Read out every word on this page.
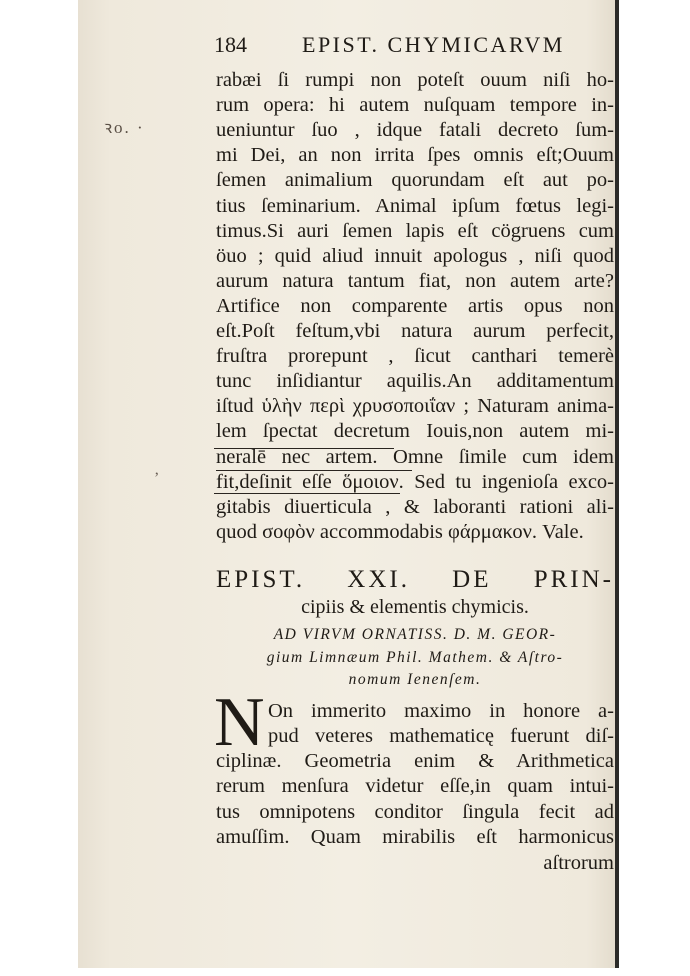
ꝛo. ·
ʼ
184	EPIST. CHYMICARVM
rabæi ſi rumpi non poteſt ouum niſi ho-
rum opera: hi autem nuſquam tempore in-
ueniuntur ſuo , idque fatali decreto ſum-
mi Dei, an non irrita ſpes omnis eſt;Ouum
ſemen animalium quorundam eſt aut po-
tius ſeminarium. Animal ipſum fœtus legi-
timus.Si auri ſemen lapis eſt cögruens cum
öuo ; quid aliud innuit apologus , niſi quod
aurum natura tantum fiat, non autem arte?
Artifice non comparente artis opus non
eſt.Poſt feſtum,vbi natura aurum perfecit,
fruſtra prorepunt , ſicut canthari temerè
tunc inſidiantur aquilis.An additamentum
iſtud ὑλὴν περὶ χρυσοποιΐαν ; Naturam anima-
lem ſpectat decretum Iouis,non autem mi-
neralē nec artem. Omne ſimile cum idem
fit,deſinit eſſe ὅμοιον. Sed tu ingenioſa exco-
gitabis diuerticula , & laboranti rationi ali-
quod σοφὸν accommodabis φάρμακον. Vale.
EPIST. XXI. DE PRIN-
cipiis & elementis chymicis.
AD VIRVM ORNATISS. D. M. GEOR-
gium Limnæum Phil. Mathem. & Aſtro-
nomum Ienenſem.
N On immerito maximo in honore a-
pud veteres mathematicę fuerunt diſ-
ciplinæ. Geometria enim & Arithmetica
rerum menſura videtur eſſe,in quam intui-
tus omnipotens conditor ſingula fecit ad
amuſſim. Quam mirabilis eſt harmonicus
aſtrorum
